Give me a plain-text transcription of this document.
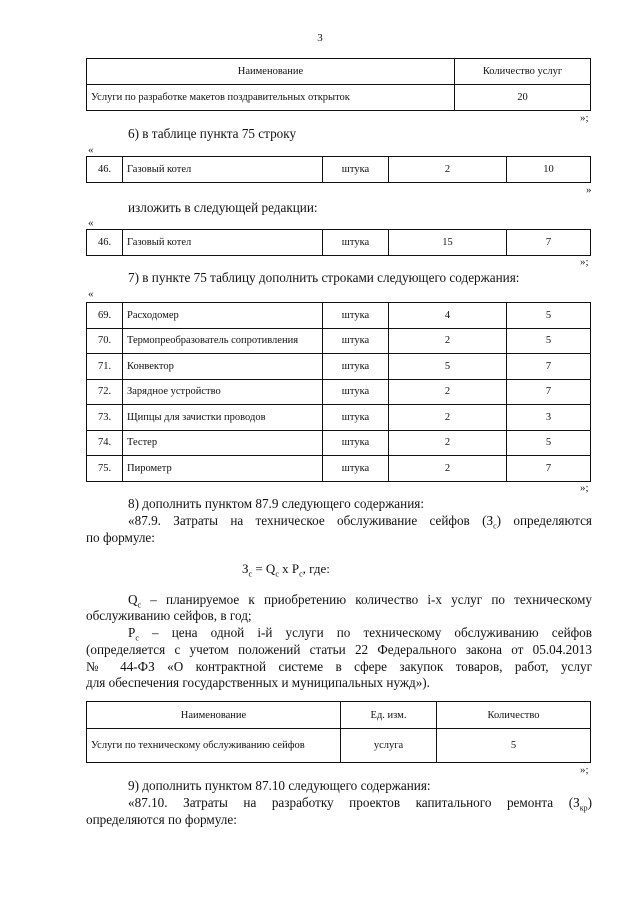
3
Наименование	Количество услуг
Услуги по разработке макетов поздравительных открыток	20
»;
6) в таблице пункта 75 строку
«
46.	Газовый котел	штука	2	10
»
изложить в следующей редакции:
«
46.	Газовый котел	штука	15	7
»;
7) в пункте 75 таблицу дополнить строками следующего содержания:
«
69.	Расходомер	штука	4	5
70.	Термопреобразователь сопротивления	штука	2	5
71.	Конвектор	штука	5	7
72.	Зарядное устройство	штука	2	7
73.	Щипцы для зачистки проводов	штука	2	3
74.	Тестер	штука	2	5
75.	Пирометр	штука	2	7
»;
8) дополнить пунктом 87.9 следующего содержания:
«87.9. Затраты на техническое обслуживание сейфов $(З_с)$ определяются
по формуле:
$З_с = Q_с$ x $P_с$, где:
$Q_с$ – планируемое к приобретению количество i-х услуг по техническому
обслуживанию сейфов, в год;
$P_с$ – цена одной i-й услуги по техническому обслуживанию сейфов
(определяется с учетом положений статьи 22 Федерального закона от 05.04.2013
№ 44-ФЗ «О контрактной системе в сфере закупок товаров, работ, услуг
для обеспечения государственных и муниципальных нужд»).
Наименование	Ед. изм.	Количество
Услуги по техническому обслуживанию сейфов	услуга	5
»;
9) дополнить пунктом 87.10 следующего содержания:
«87.10. Затраты на разработку проектов капитального ремонта $(З_{кр})$
определяются по формуле:
